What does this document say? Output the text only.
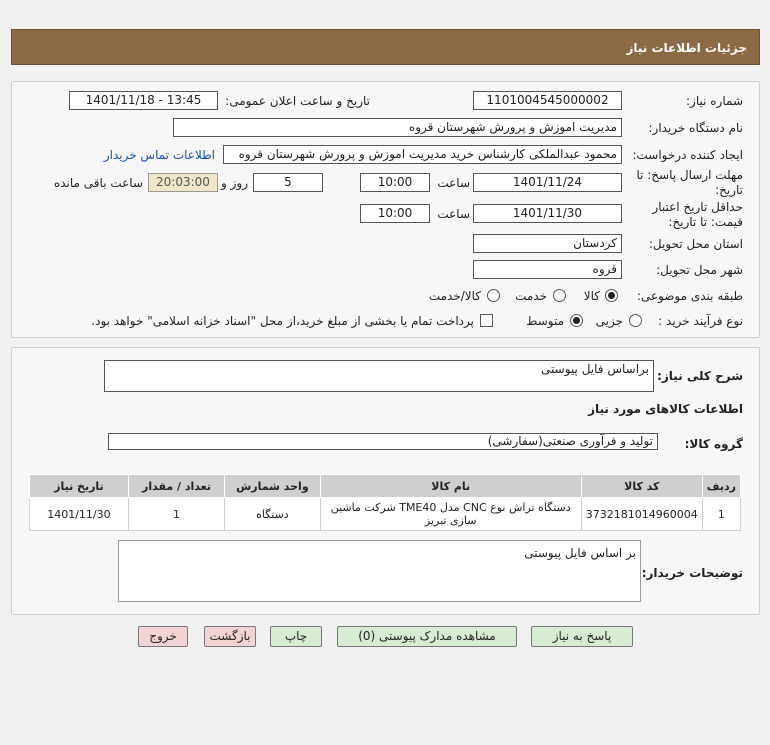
جزئیات اطلاعات نیاز
شماره نیاز:
1101004545000002
تاریخ و ساعت اعلان عمومی:
1401/11/18 - 13:45
نام دستگاه خریدار:
مدیریت اموزش و پرورش شهرستان قروه
ایجاد کننده درخواست:
محمود عبدالملکی کارشناس خرید مدیریت اموزش و پرورش شهرستان قروه
اطلاعات تماس خریدار
مهلت ارسال پاسخ: تا
تاریخ:
1401/11/24
ساعت
10:00
5
روز و
20:03:00
ساعت باقی مانده
حداقل تاریخ اعتبار
قیمت: تا تاریخ:
1401/11/30
ساعت
10:00
استان محل تحویل:
کردستان
شهر محل تحویل:
قروه
طبقه بندی موضوعی:
کالا
خدمت
کالا/خدمت
نوع فرآیند خرید :
جزیی
متوسط
پرداخت تمام یا بخشی از مبلغ خرید،از محل "اسناد خزانه اسلامی" خواهد بود.
شرح کلی نیاز:
براساس فایل پیوستی
اطلاعات کالاهای مورد نیاز
گروه کالا:
تولید و فرآوری صنعتی(سفارشی)
ردیف	کد کالا	نام کالا	واحد شمارش	تعداد / مقدار	تاریخ نیاز
1	3732181014960004	دستگاه تراش نوع CNC مدل TME40 شرکت ماشین سازی تبریز	دستگاه	1	1401/11/30
توضیحات خریدار:
بر اساس فایل پیوستی
پاسخ به نیاز
مشاهده مدارک پیوستی (0)
چاپ
بازگشت
خروج
